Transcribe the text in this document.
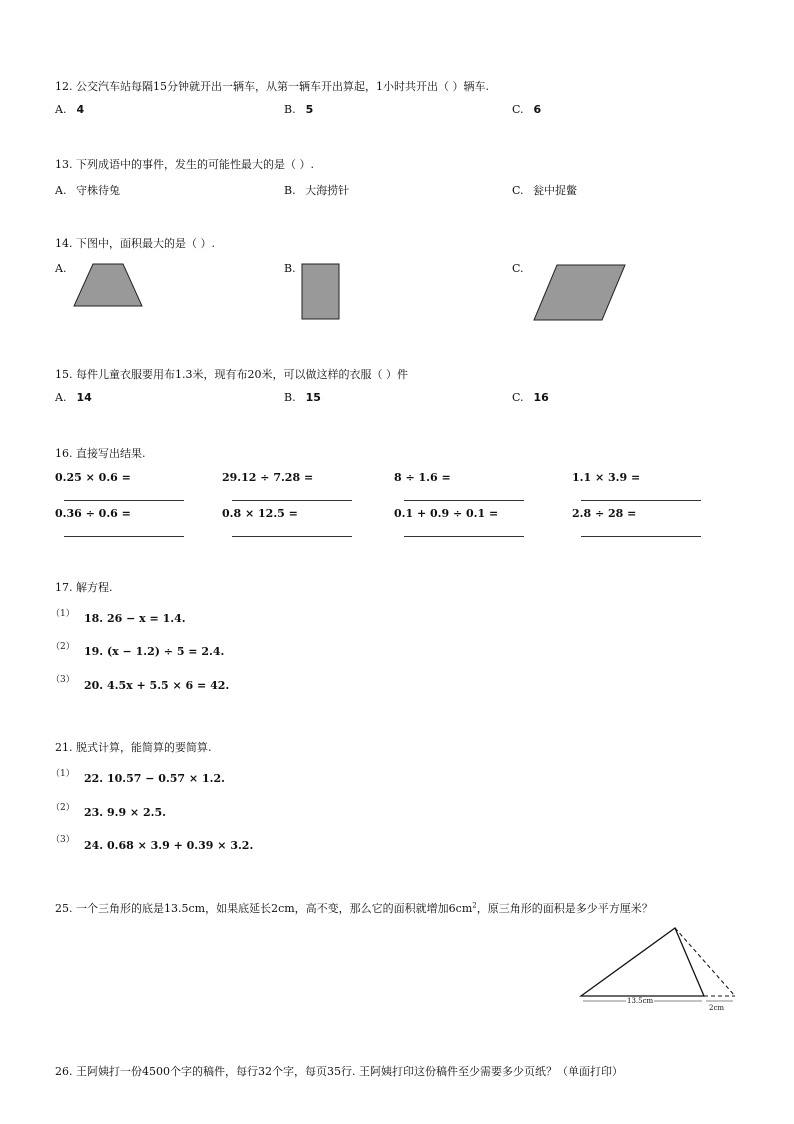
12. 公交汽车站每隔15分钟就开出一辆车，从第一辆车开出算起，1小时共开出（ ）辆车.
A. 4	B. 5	C. 6
13. 下列成语中的事件，发生的可能性最大的是（ ）.
A. 守株待兔	B. 大海捞针	C. 瓮中捉鳖
14. 下图中，面积最大的是（ ）.
A.	B.	C.
15. 每件儿童衣服要用布1.3米，现有布20米，可以做这样的衣服（ ）件
A. 14	B. 15	C. 16
16. 直接写出结果.
0.25 × 0.6 =	29.12 ÷ 7.28 =	8 ÷ 1.6 =	1.1 × 3.9 =
0.36 ÷ 0.6 =	0.8 × 12.5 =	0.1 + 0.9 ÷ 0.1 =	2.8 ÷ 28 =
17. 解方程.
（1） 18. 26 − x = 1.4.
（2） 19. (x − 1.2) ÷ 5 = 2.4.
（3） 20. 4.5x + 5.5 × 6 = 42.
21. 脱式计算，能简算的要简算.
（1） 22. 10.57 − 0.57 × 1.2.
（2） 23. 9.9 × 2.5.
（3） 24. 0.68 × 3.9 + 0.39 × 3.2.
25. 一个三角形的底是13.5cm，如果底延长2cm，高不变，那么它的面积就增加$6cm^2$，原三角形的面积是多少平方厘米？
13.5cm
2cm
26. 王阿姨打一份4500个字的稿件，每行32个字，每页35行. 王阿姨打印这份稿件至少需要多少页纸？（单面打印）
